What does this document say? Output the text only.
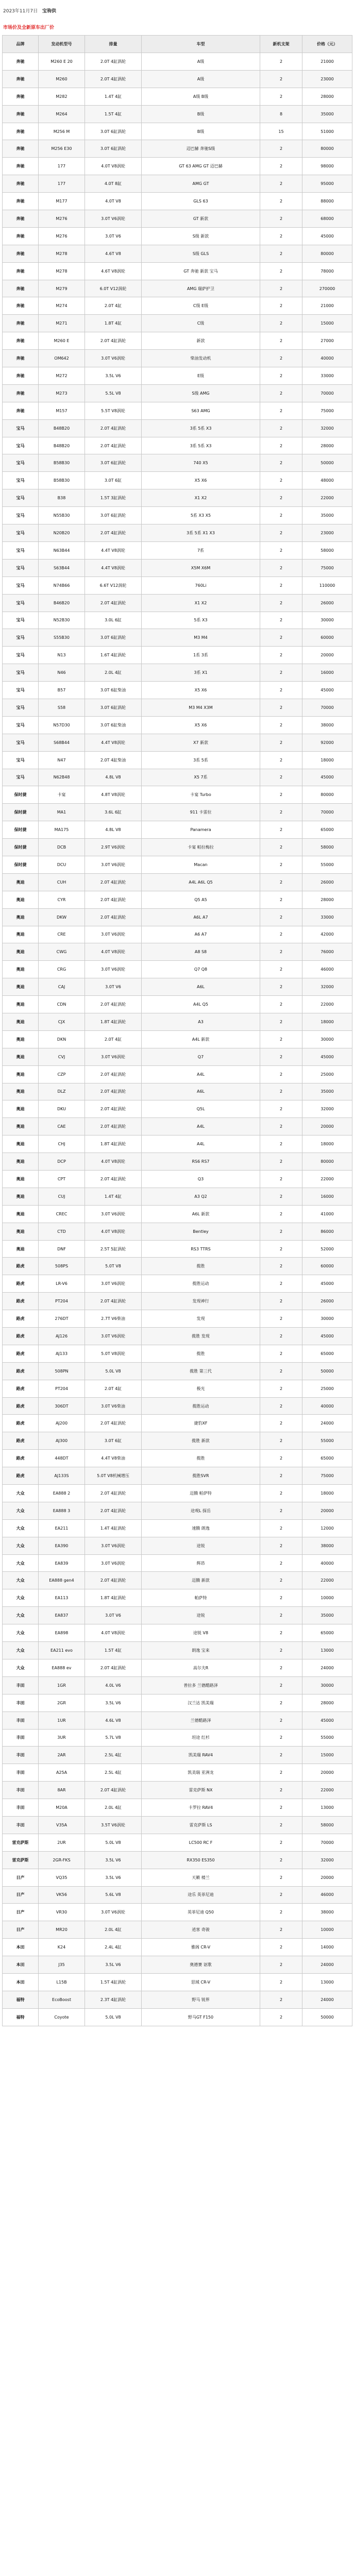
2023年11月7日 宝驹供
市场价及全新原车出厂价
品牌	发动机型号	排量	车型	新机支架	价格（元）
奔驰	M260 E 20	2.0T 4缸涡轮	A级	2	21000
奔驰	M260	2.0T 4缸涡轮	A级	2	23000
奔驰	M282	1.4T 4缸	A级 B级	2	28000
奔驰	M264	1.5T 4缸	B级	8	35000
奔驰	M256 M	3.0T 6缸涡轮	B级	15	51000
奔驰	M256 E30	3.0T 6缸涡轮	迈巴赫 奔驰S级	2	80000
奔驰	177	4.0T V8涡轮	GT 63 AMG GT 迈巴赫	2	98000
奔驰	177	4.0T 8缸	AMG GT	2	95000
奔驰	M177	4.0T V8	GLS 63	2	88000
奔驰	M276	3.0T V6涡轮	GT 新款	2	68000
奔驰	M276	3.0T V6	S级 新款	2	45000
奔驰	M278	4.6T V8	S级 GLS	2	80000
奔驰	M278	4.6T V8涡轮	GT 奔驰 新款 宝马	2	78000
奔驰	M279	6.0T V12涡轮	AMG 瑞萨护卫	2	270000
奔驰	M274	2.0T 4缸	C级 E级	2	21000
奔驰	M271	1.8T 4缸	C级	2	15000
奔驰	M260 E	2.0T 4缸涡轮	新款	2	27000
奔驰	OM642	3.0T V6涡轮	柴油发动机	2	40000
奔驰	M272	3.5L V6	E级	2	33000
奔驰	M273	5.5L V8	S级 AMG	2	70000
奔驰	M157	5.5T V8涡轮	S63 AMG	2	75000
宝马	B48B20	2.0T 4缸涡轮	3系 5系 X3	2	32000
宝马	B48B20	2.0T 4缸涡轮	3系 5系 X3	2	28000
宝马	B58B30	3.0T 6缸涡轮	740 X5	2	50000
宝马	B58B30	3.0T 6缸	X5 X6	2	48000
宝马	B38	1.5T 3缸涡轮	X1 X2	2	22000
宝马	N55B30	3.0T 6缸涡轮	5系 X3 X5	2	35000
宝马	N20B20	2.0T 4缸涡轮	3系 5系 X1 X3	2	23000
宝马	N63B44	4.4T V8涡轮	7系	2	58000
宝马	S63B44	4.4T V8涡轮	X5M X6M	2	75000
宝马	N74B66	6.6T V12涡轮	760Li	2	110000
宝马	B46B20	2.0T 4缸涡轮	X1 X2	2	26000
宝马	N52B30	3.0L 6缸	5系 X3	2	30000
宝马	S55B30	3.0T 6缸涡轮	M3 M4	2	60000
宝马	N13	1.6T 4缸涡轮	1系 3系	2	20000
宝马	N46	2.0L 4缸	3系 X1	2	16000
宝马	B57	3.0T 6缸柴油	X5 X6	2	45000
宝马	S58	3.0T 6缸涡轮	M3 M4 X3M	2	70000
宝马	N57D30	3.0T 6缸柴油	X5 X6	2	38000
宝马	S68B44	4.4T V8涡轮	X7 新款	2	92000
宝马	N47	2.0T 4缸柴油	3系 5系	2	18000
宝马	N62B48	4.8L V8	X5 7系	2	45000
保时捷	卡宴	4.8T V8涡轮	卡宴 Turbo	2	80000
保时捷	MA1	3.6L 6缸	911 卡雷拉	2	70000
保时捷	MA175	4.8L V8	Panamera	2	65000
保时捷	DCB	2.9T V6涡轮	卡宴 帕拉梅拉	2	58000
保时捷	DCU	3.0T V6涡轮	Macan	2	55000
奥迪	CUH	2.0T 4缸涡轮	A4L A6L Q5	2	26000
奥迪	CYR	2.0T 4缸涡轮	Q5 A5	2	28000
奥迪	DKW	2.0T 4缸涡轮	A6L A7	2	33000
奥迪	CRE	3.0T V6涡轮	A6 A7	2	42000
奥迪	CWG	4.0T V8涡轮	A8 S8	2	76000
奥迪	CRG	3.0T V6涡轮	Q7 Q8	2	46000
奥迪	CAJ	3.0T V6	A6L	2	32000
奥迪	CDN	2.0T 4缸涡轮	A4L Q5	2	22000
奥迪	CJX	1.8T 4缸涡轮	A3	2	18000
奥迪	DKN	2.0T 4缸	A4L 新款	2	30000
奥迪	CVJ	3.0T V6涡轮	Q7	2	45000
奥迪	CZP	2.0T 4缸涡轮	A4L	2	25000
奥迪	DLZ	2.0T 4缸涡轮	A6L	2	35000
奥迪	DKU	2.0T 4缸涡轮	Q5L	2	32000
奥迪	CAE	2.0T 4缸涡轮	A4L	2	20000
奥迪	CHJ	1.8T 4缸涡轮	A4L	2	18000
奥迪	DCP	4.0T V8涡轮	RS6 RS7	2	80000
奥迪	CPT	2.0T 4缸涡轮	Q3	2	22000
奥迪	CUJ	1.4T 4缸	A3 Q2	2	16000
奥迪	CREC	3.0T V6涡轮	A6L 新款	2	41000
奥迪	CTD	4.0T V8涡轮	Bentley	2	86000
奥迪	DNF	2.5T 5缸涡轮	RS3 TTRS	2	52000
路虎	508PS	5.0T V8	揽胜	2	60000
路虎	LR-V6	3.0T V6涡轮	揽胜运动	2	45000
路虎	PT204	2.0T 4缸涡轮	发现神行	2	26000
路虎	276DT	2.7T V6柴油	发现	2	30000
路虎	AJ126	3.0T V6涡轮	揽胜 发现	2	45000
路虎	AJ133	5.0T V8涡轮	揽胜	2	65000
路虎	508PN	5.0L V8	揽胜 第三代	2	50000
路虎	PT204	2.0T 4缸	极光	2	25000
路虎	306DT	3.0T V6柴油	揽胜运动	2	40000
路虎	AJ200	2.0T 4缸涡轮	捷豹XF	2	24000
路虎	AJ300	3.0T 6缸	揽胜 新款	2	55000
路虎	448DT	4.4T V8柴油	揽胜	2	65000
路虎	AJ133S	5.0T V8机械增压	揽胜SVR	2	75000
大众	EA888 2	2.0T 4缸涡轮	迈腾 帕萨特	2	18000
大众	EA888 3	2.0T 4缸涡轮	途观L 探岳	2	20000
大众	EA211	1.4T 4缸涡轮	速腾 朗逸	2	12000
大众	EA390	3.0T V6涡轮	途锐	2	38000
大众	EA839	3.0T V6涡轮	辉昂	2	40000
大众	EA888 gen4	2.0T 4缸涡轮	迈腾 新款	2	22000
大众	EA113	1.8T 4缸涡轮	帕萨特	2	10000
大众	EA837	3.0T V6	途锐	2	35000
大众	EA898	4.0T V8涡轮	途锐 V8	2	65000
大众	EA211 evo	1.5T 4缸	朗逸 宝来	2	13000
大众	EA888 ev	2.0T 4缸涡轮	高尔夫R	2	24000
丰田	1GR	4.0L V6	普拉多 兰德酷路泽	2	30000
丰田	2GR	3.5L V6	汉兰达 凯美瑞	2	28000
丰田	1UR	4.6L V8	兰德酷路泽	2	45000
丰田	3UR	5.7L V8	坦途 红杉	2	55000
丰田	2AR	2.5L 4缸	凯美瑞 RAV4	2	15000
丰田	A25A	2.5L 4缸	凯美瑞 亚洲龙	2	20000
丰田	8AR	2.0T 4缸涡轮	雷克萨斯 NX	2	22000
丰田	M20A	2.0L 4缸	卡罗拉 RAV4	2	13000
丰田	V35A	3.5T V6涡轮	雷克萨斯 LS	2	58000
雷克萨斯	2UR	5.0L V8	LC500 RC F	2	70000
雷克萨斯	2GR-FKS	3.5L V6	RX350 ES350	2	32000
日产	VQ35	3.5L V6	天籁 楼兰	2	20000
日产	VK56	5.6L V8	途乐 英菲尼迪	2	46000
日产	VR30	3.0T V6涡轮	英菲尼迪 Q50	2	38000
日产	MR20	2.0L 4缸	逍客 奇骏	2	10000
本田	K24	2.4L 4缸	雅阁 CR-V	2	14000
本田	J35	3.5L V6	奥德赛 讴歌	2	24000
本田	L15B	1.5T 4缸涡轮	思域 CR-V	2	13000
福特	EcoBoost	2.3T 4缸涡轮	野马 锐界	2	24000
福特	Coyote	5.0L V8	野马GT F150	2	50000
